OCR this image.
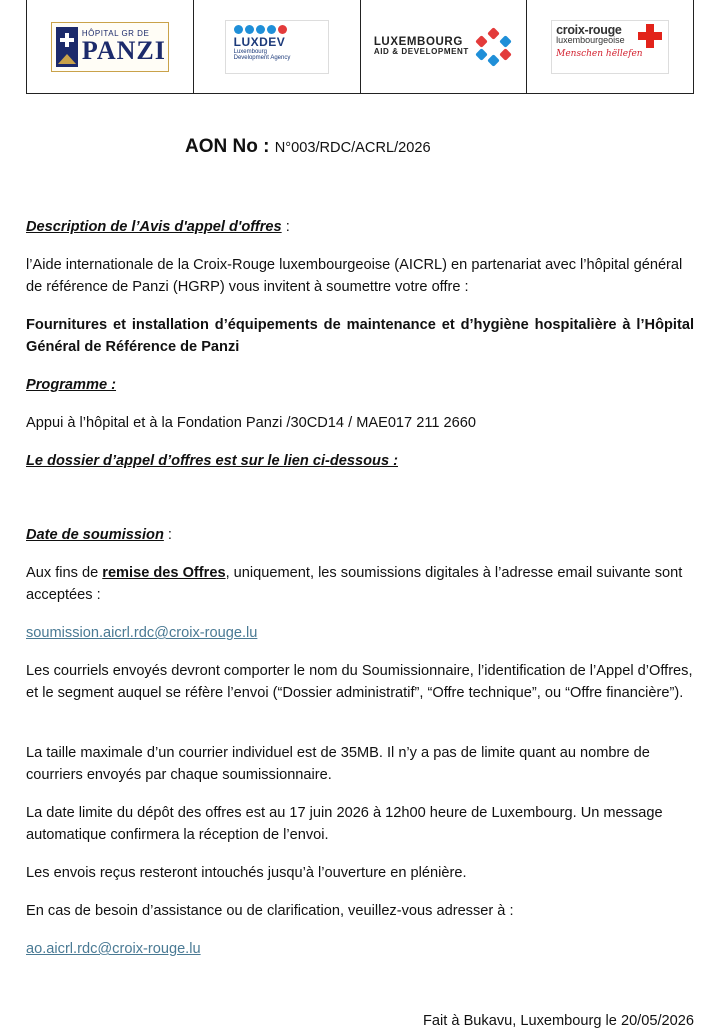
HÔPITAL GR DE
PANZI	LUXDEV
Luxembourg
Development Agency
LUXEMBOURG
AID & DEVELOPMENT
croix-rouge
luxembourgeoise
Menschen hëllefen
AON No : N°003/RDC/ACRL/2026
Description de l’Avis d'appel d'offres :
l’Aide internationale de la Croix-Rouge luxembourgeoise (AICRL) en partenariat avec l’hôpital général de référence de Panzi (HGRP) vous invitent à soumettre votre offre :
Fournitures et installation d’équipements de maintenance et d’hygiène hospitalière à l’Hôpital Général de Référence de Panzi
Programme :
Appui à l’hôpital et à la Fondation Panzi /30CD14 / MAE017 211 2660
Le dossier d’appel d’offres est sur le lien ci-dessous :
Date de soumission :
Aux fins de remise des Offres, uniquement, les soumissions digitales à l’adresse email suivante sont acceptées :
soumission.aicrl.rdc@croix-rouge.lu
Les courriels envoyés devront comporter le nom du Soumissionnaire, l’identification de l’Appel d’Offres, et le segment auquel se réfère l’envoi (“Dossier administratif”, “Offre technique”, ou “Offre financière”).
La taille maximale d’un courrier individuel est de 35MB. Il n’y a pas de limite quant au nombre de courriers envoyés par chaque soumissionnaire.
La date limite du dépôt des offres est au 17 juin 2026 à 12h00 heure de Luxembourg. Un message automatique confirmera la réception de l’envoi.
Les envois reçus resteront intouchés jusqu’à l’ouverture en plénière.
En cas de besoin d’assistance ou de clarification, veuillez-vous adresser à :
ao.aicrl.rdc@croix-rouge.lu
Fait à Bukavu, Luxembourg le 20/05/2026
